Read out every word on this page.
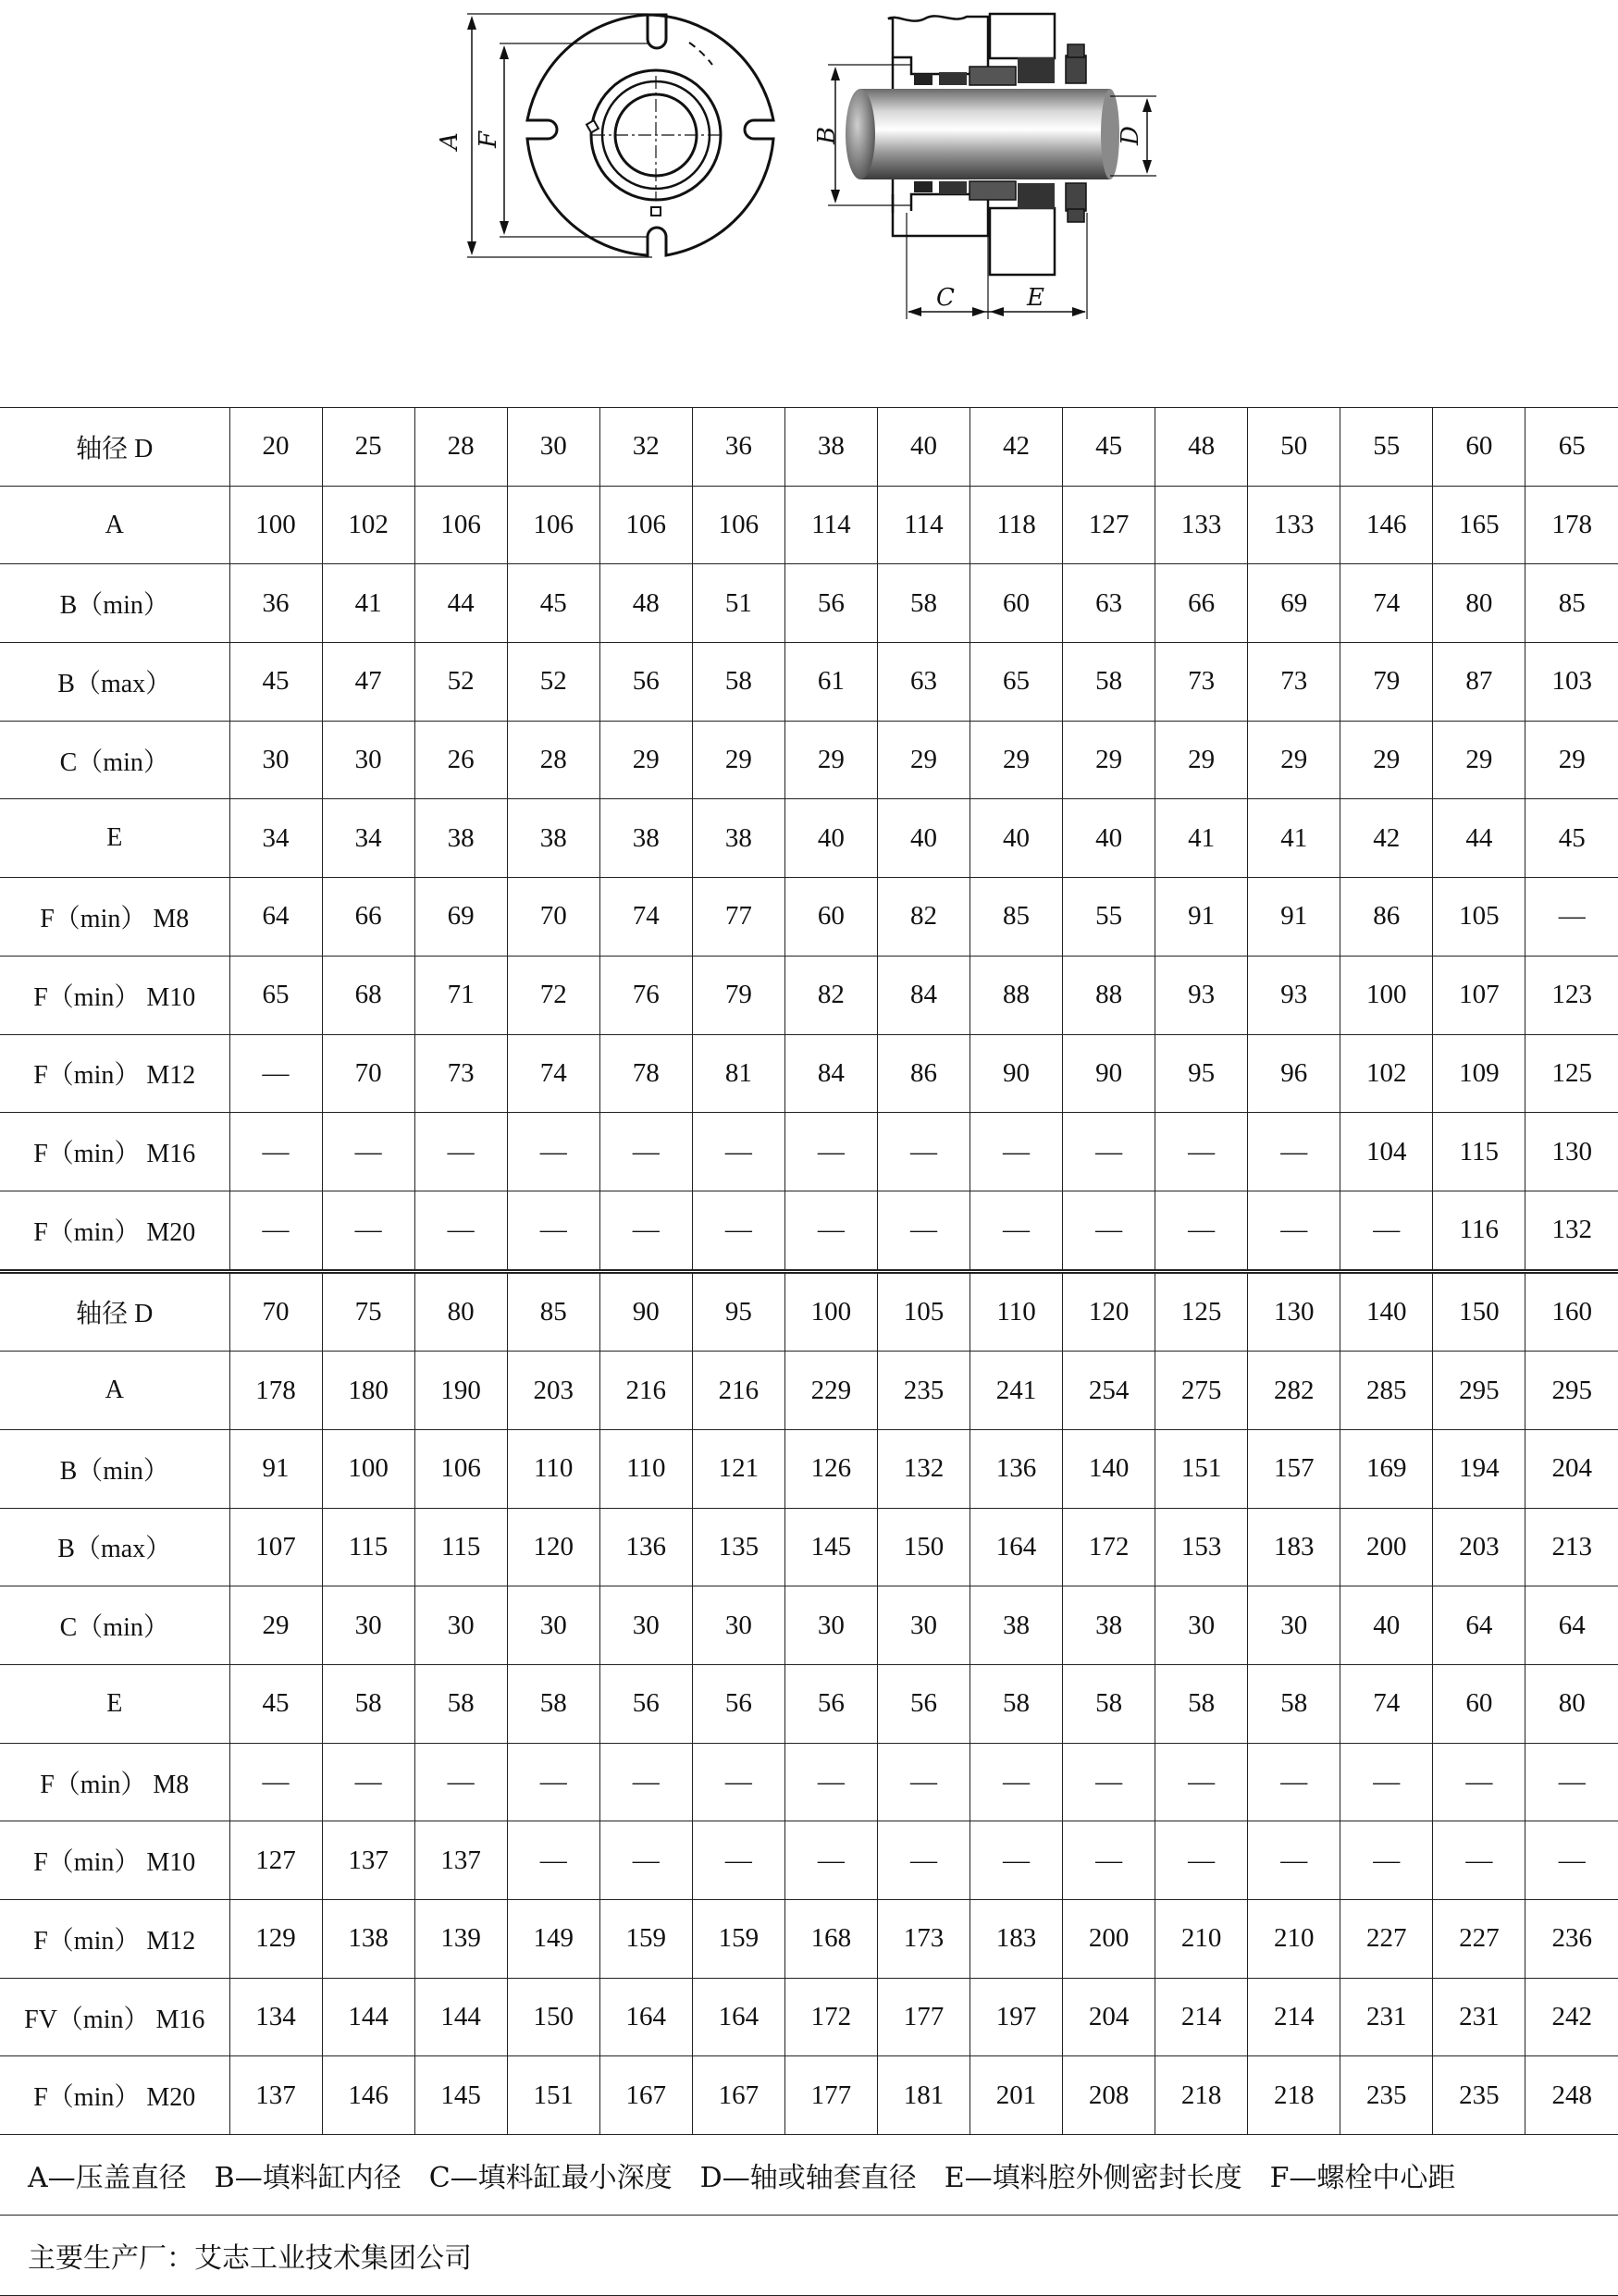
A F	B	D
C	E
轴径 D	20	25	28	30	32	36	38	40	42	45	48	50	55	60	65
A	100	102	106	106	106	106	114	114	118	127	133	133	146	165	178
B（min）	36	41	44	45	48	51	56	58	60	63	66	69	74	80	85
B（max）	45	47	52	52	56	58	61	63	65	58	73	73	79	87	103
C（min）	30	30	26	28	29	29	29	29	29	29	29	29	29	29	29
E	34	34	38	38	38	38	40	40	40	40	41	41	42	44	45
F（min） M8	64	66	69	70	74	77	60	82	85	55	91	91	86	105	—
F（min） M10	65	68	71	72	76	79	82	84	88	88	93	93	100	107	123
F（min） M12	—	70	73	74	78	81	84	86	90	90	95	96	102	109	125
F（min） M16	—	—	—	—	—	—	—	—	—	—	—	—	104	115	130
F（min） M20	—	—	—	—	—	—	—	—	—	—	—	—	—	116	132
轴径 D	70	75	80	85	90	95	100	105	110	120	125	130	140	150	160
A	178	180	190	203	216	216	229	235	241	254	275	282	285	295	295
B（min）	91	100	106	110	110	121	126	132	136	140	151	157	169	194	204
B（max）	107	115	115	120	136	135	145	150	164	172	153	183	200	203	213
C（min）	29	30	30	30	30	30	30	30	38	38	30	30	40	64	64
E	45	58	58	58	56	56	56	56	58	58	58	58	74	60	80
F（min） M8	—	—	—	—	—	—	—	—	—	—	—	—	—	—	—
F（min） M10	127	137	137	—	—	—	—	—	—	—	—	—	—	—	—
F（min） M12	129	138	139	149	159	159	168	173	183	200	210	210	227	227	236
FV（min） M16	134	144	144	150	164	164	172	177	197	204	214	214	231	231	242
F（min） M20	137	146	145	151	167	167	177	181	201	208	218	218	235	235	248
A—压盖直径　B—填料缸内径　C—填料缸最小深度　D—轴或轴套直径　E—填料腔外侧密封长度　F—螺栓中心距															
主要生产厂：艾志工业技术集团公司															
